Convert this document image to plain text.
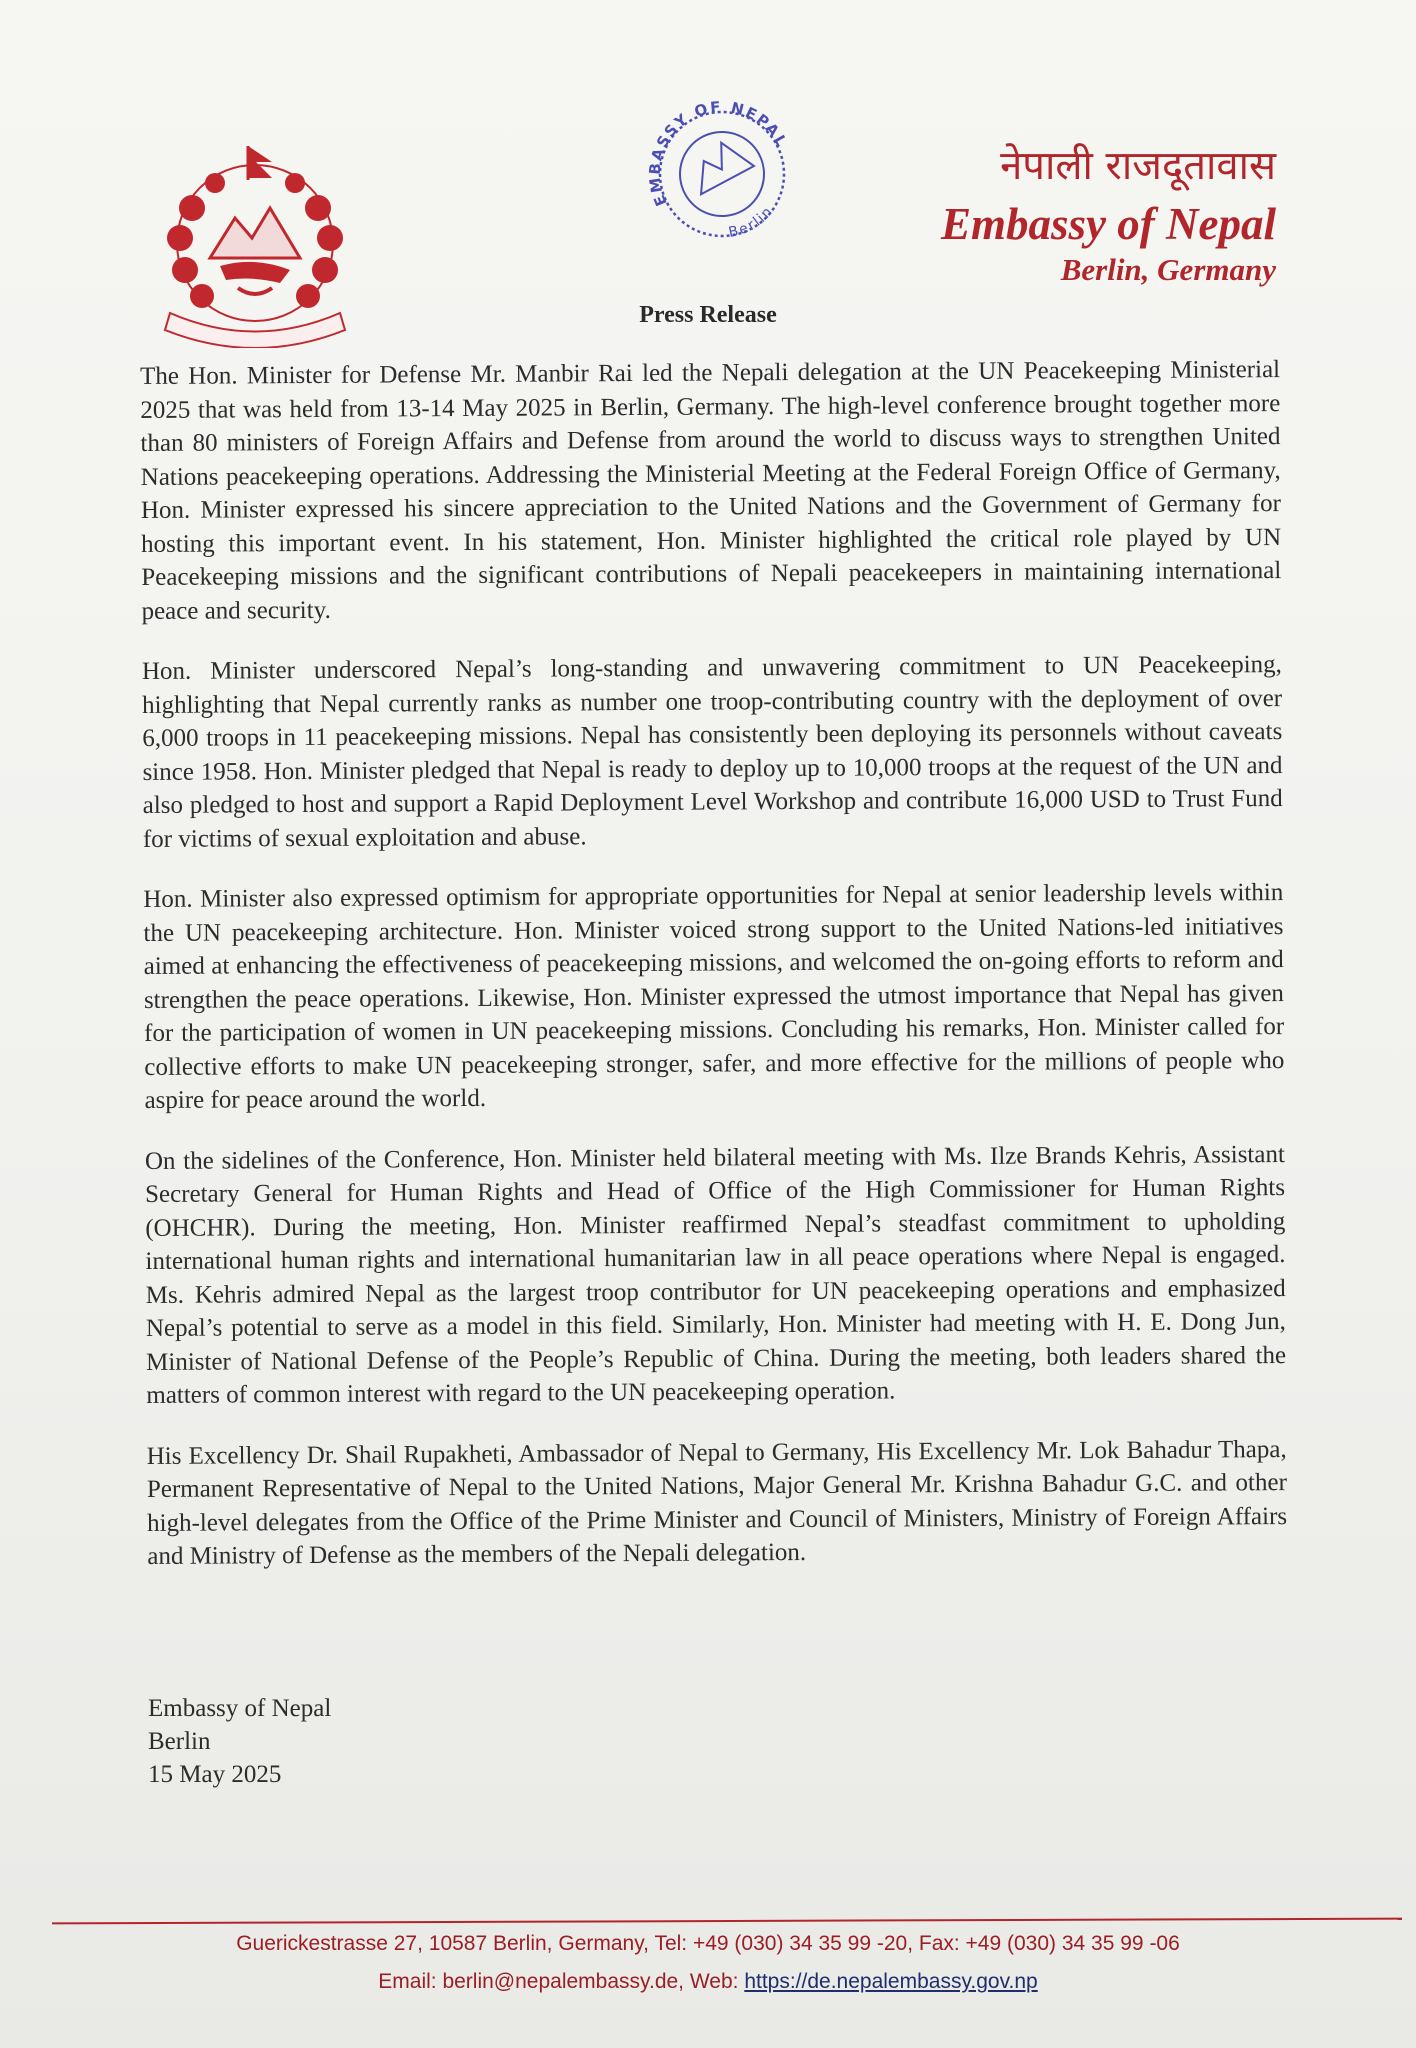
EMBASSY OF NEPAL
Berlin
नेपाली राजदूतावास
Embassy of Nepal
Berlin, Germany
Press Release

The Hon. Minister for Defense Mr. Manbir Rai led the Nepali delegation at the UN Peacekeeping Ministerial 2025 that was held from 13-14 May 2025 in Berlin, Germany. The high-level conference brought together more than 80 ministers of Foreign Affairs and Defense from around the world to discuss ways to strengthen United Nations peacekeeping operations. Addressing the Ministerial Meeting at the Federal Foreign Office of Germany, Hon. Minister expressed his sincere appreciation to the United Nations and the Government of Germany for hosting this important event. In his statement, Hon. Minister highlighted the critical role played by UN Peacekeeping missions and the significant contributions of Nepali peacekeepers in maintaining international peace and security.

Hon. Minister underscored Nepal’s long-standing and unwavering commitment to UN Peacekeeping, highlighting that Nepal currently ranks as number one troop-contributing country with the deployment of over 6,000 troops in 11 peacekeeping missions. Nepal has consistently been deploying its personnels without caveats since 1958. Hon. Minister pledged that Nepal is ready to deploy up to 10,000 troops at the request of the UN and also pledged to host and support a Rapid Deployment Level Workshop and contribute 16,000 USD to Trust Fund for victims of sexual exploitation and abuse.

Hon. Minister also expressed optimism for appropriate opportunities for Nepal at senior leadership levels within the UN peacekeeping architecture. Hon. Minister voiced strong support to the United Nations-led initiatives aimed at enhancing the effectiveness of peacekeeping missions, and welcomed the on-going efforts to reform and strengthen the peace operations. Likewise, Hon. Minister expressed the utmost importance that Nepal has given for the participation of women in UN peacekeeping missions. Concluding his remarks, Hon. Minister called for collective efforts to make UN peacekeeping stronger, safer, and more effective for the millions of people who aspire for peace around the world.

On the sidelines of the Conference, Hon. Minister held bilateral meeting with Ms. Ilze Brands Kehris, Assistant Secretary General for Human Rights and Head of Office of the High Commissioner for Human Rights (OHCHR). During the meeting, Hon. Minister reaffirmed Nepal’s steadfast commitment to upholding international human rights and international humanitarian law in all peace operations where Nepal is engaged. Ms. Kehris admired Nepal as the largest troop contributor for UN peacekeeping operations and emphasized Nepal’s potential to serve as a model in this field. Similarly, Hon. Minister had meeting with H. E. Dong Jun, Minister of National Defense of the People’s Republic of China. During the meeting, both leaders shared the matters of common interest with regard to the UN peacekeeping operation.

His Excellency Dr. Shail Rupakheti, Ambassador of Nepal to Germany, His Excellency Mr. Lok Bahadur Thapa, Permanent Representative of Nepal to the United Nations, Major General Mr. Krishna Bahadur G.C. and other high-level delegates from the Office of the Prime Minister and Council of Ministers, Ministry of Foreign Affairs and Ministry of Defense as the members of the Nepali delegation.

Embassy of Nepal
Berlin
15 May 2025
Guerickestrasse 27, 10587 Berlin, Germany, Tel: +49 (030) 34 35 99 -20, Fax: +49 (030) 34 35 99 -06
Email: berlin@nepalembassy.de, Web: https://de.nepalembassy.gov.np
